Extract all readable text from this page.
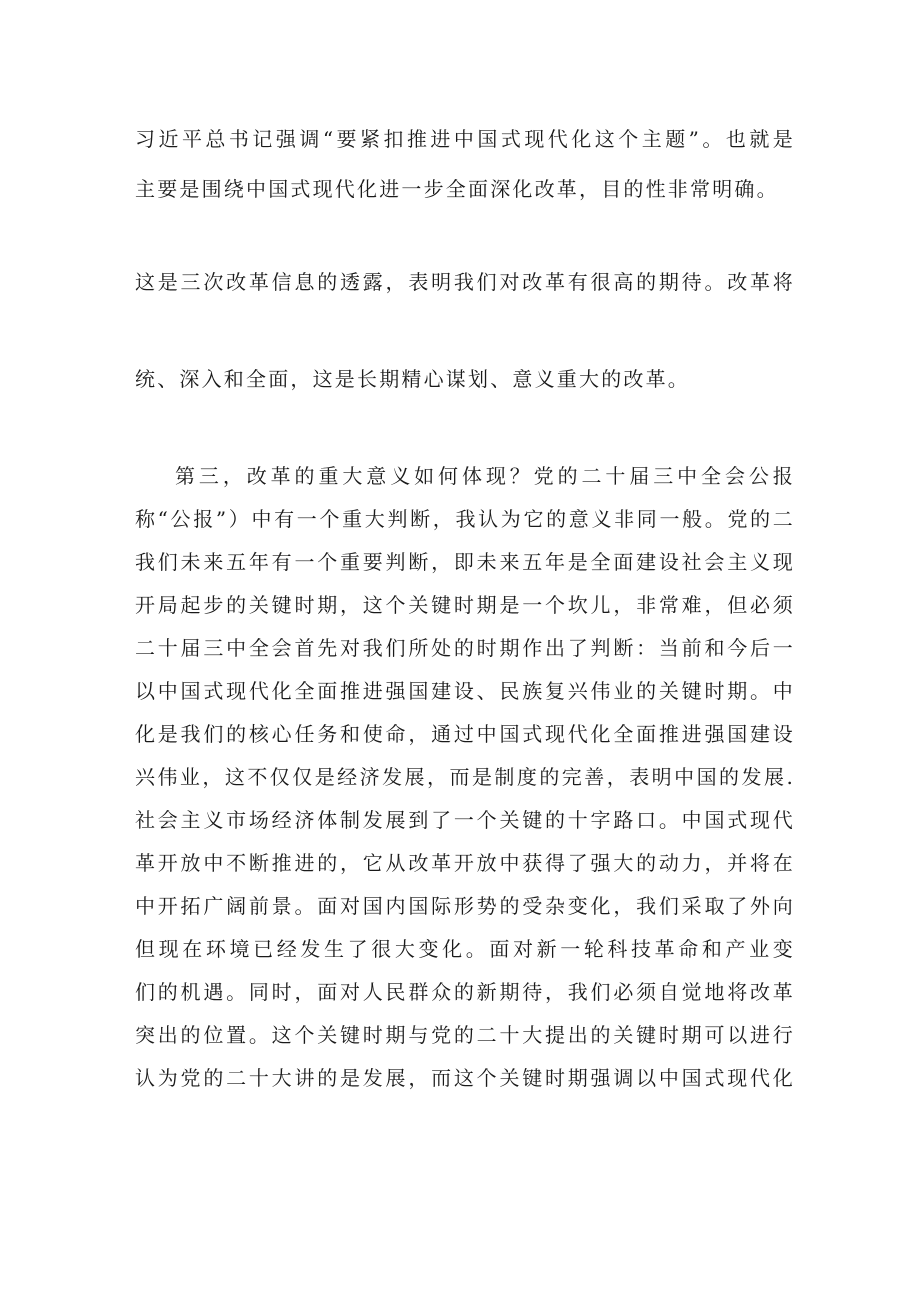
习近平总书记强调“要紧扣推进中国式现代化这个主题”。也就是
主要是围绕中国式现代化进一步全面深化改革，目的性非常明确。
这是三次改革信息的透露，表明我们对改革有很高的期待。改革将
统、深入和全面，这是长期精心谋划、意义重大的改革。
第三，改革的重大意义如何体现？党的二十届三中全会公报
称“公报”）中有一个重大判断，我认为它的意义非同一般。党的二
我们未来五年有一个重要判断，即未来五年是全面建设社会主义现
开局起步的关键时期，这个关键时期是一个坎儿，非常难，但必须
二十届三中全会首先对我们所处的时期作出了判断：当前和今后一
以中国式现代化全面推进强国建设、民族复兴伟业的关键时期。中
化是我们的核心任务和使命，通过中国式现代化全面推进强国建设
兴伟业，这不仅仅是经济发展，而是制度的完善，表明中国的发展.
社会主义市场经济体制发展到了一个关键的十字路口。中国式现代
革开放中不断推进的，它从改革开放中获得了强大的动力，并将在
中开拓广阔前景。面对国内国际形势的受杂变化，我们采取了外向
但现在环境已经发生了很大变化。面对新一轮科技革命和产业变
们的机遇。同时，面对人民群众的新期待，我们必须自觉地将改革
突出的位置。这个关键时期与党的二十大提出的关键时期可以进行
认为党的二十大讲的是发展，而这个关键时期强调以中国式现代化
